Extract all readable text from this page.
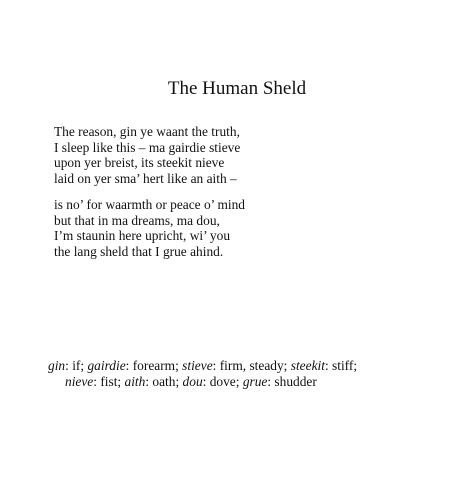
The Human Sheld
The reason, gin ye waant the truth,
I sleep like this – ma gairdie stieve
upon yer breist, its steekit nieve
laid on yer sma’ hert like an aith –
is no’ for waarmth or peace o’ mind
but that in ma dreams, ma dou,
I’m staunin here upricht, wi’ you
the lang sheld that I grue ahind.
gin: if; gairdie: forearm; stieve: firm, steady; steekit: stiff;
nieve: fist; aith: oath; dou: dove; grue: shudder
